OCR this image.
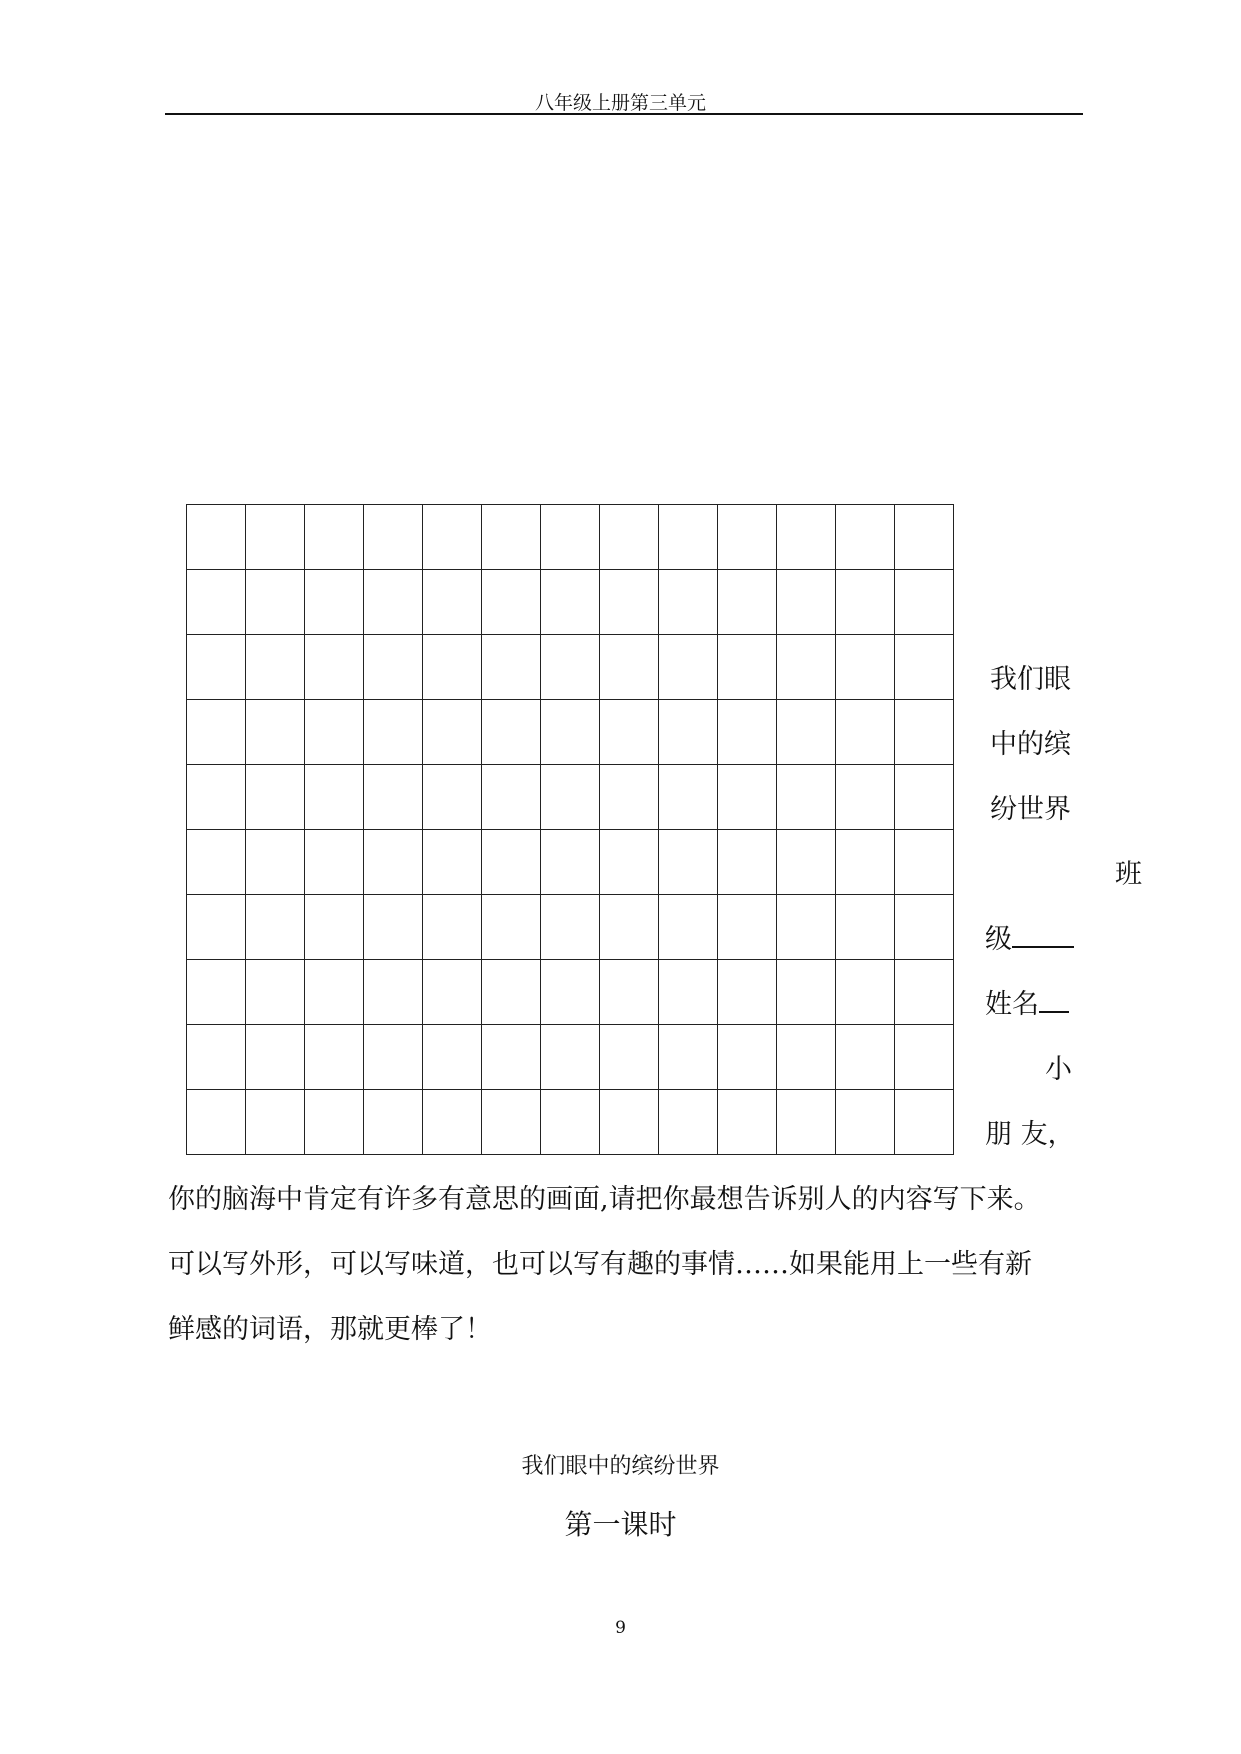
八年级上册第三单元

我们眼
中的缤
纷世界
班
级
姓名
小
朋 友，
你的脑海中肯定有许多有意思的画面,请把你最想告诉别人的内容写下来。
可以写外形，可以写味道，也可以写有趣的事情……如果能用上一些有新
鲜感的词语，那就更棒了！
我们眼中的缤纷世界
第一课时
9
